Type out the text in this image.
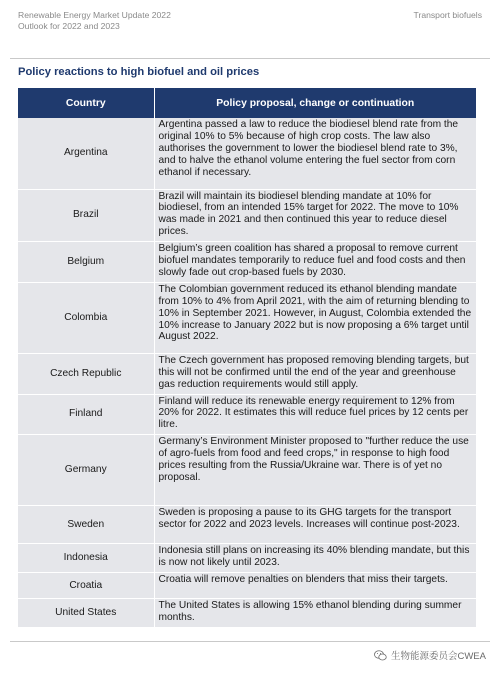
Renewable Energy Market Update 2022
Outlook for 2022 and 2023
Transport biofuels
Policy reactions to high biofuel and oil prices
Country	Policy proposal, change or continuation
Argentina	Argentina passed a law to reduce the biodiesel blend rate from the original 10% to 5% because of high crop costs. The law also authorises the government to lower the biodiesel blend rate to 3%, and to halve the ethanol volume entering the fuel sector from corn ethanol if necessary.
Brazil	Brazil will maintain its biodiesel blending mandate at 10% for biodiesel, from an intended 15% target for 2022. The move to 10% was made in 2021 and then continued this year to reduce diesel prices.
Belgium	Belgium’s green coalition has shared a proposal to remove current biofuel mandates temporarily to reduce fuel and food costs and then slowly fade out crop-based fuels by 2030.
Colombia	The Colombian government reduced its ethanol blending mandate from 10% to 4% from April 2021, with the aim of returning blending to 10% in September 2021. However, in August, Colombia extended the 10% increase to January 2022 but is now proposing a 6% target until August 2022.
Czech Republic	The Czech government has proposed removing blending targets, but this will not be confirmed until the end of the year and greenhouse gas reduction requirements would still apply.
Finland	Finland will reduce its renewable energy requirement to 12% from 20% for 2022. It estimates this will reduce fuel prices by 12 cents per litre.
Germany	Germany’s Environment Minister proposed to "further reduce the use of agro-fuels from food and feed crops," in response to high food prices resulting from the Russia/Ukraine war. There is of yet no proposal.
Sweden	Sweden is proposing a pause to its GHG targets for the transport sector for 2022 and 2023 levels. Increases will continue post-2023.
Indonesia	Indonesia still plans on increasing its 40% blending mandate, but this is now not likely until 2023.
Croatia	Croatia will remove penalties on blenders that miss their targets.
United States	The United States is allowing 15% ethanol blending during summer months.
生物能源委员会CWEA
